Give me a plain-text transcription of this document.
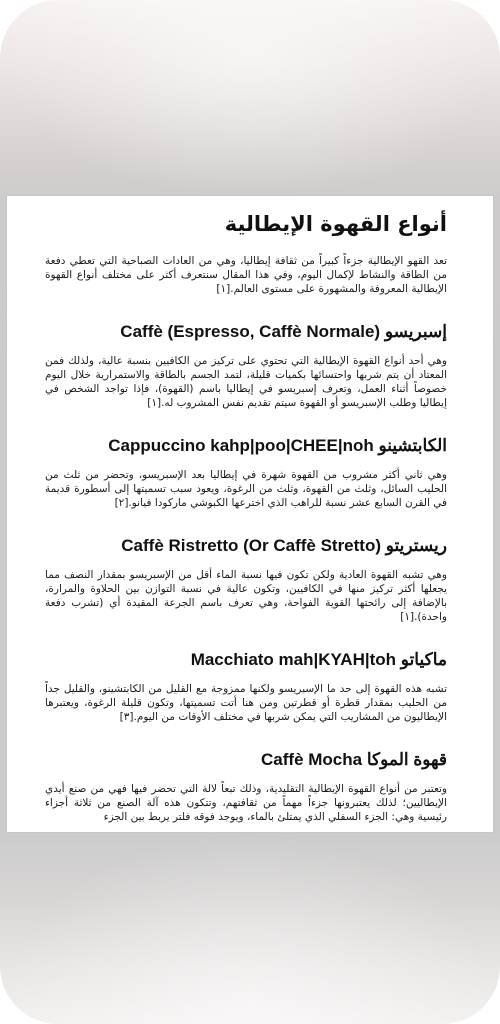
أنواع القهوة الإيطالية
تعد القهو الإيطالية جزءاً كبيراً من ثقافة إيطاليا، وهي من العادات الصباحية التي تعطي دفعة من الطاقة والنشاط لإكمال اليوم، وفي هذا المقال سنتعرف أكثر على مختلف أنواع القهوة الإيطالية المعروفة والمشهورة على مستوى العالم.[١]
إسبريسو Caffè (Espresso, Caffè Normale)
وهي أحد أنواع القهوة الإيطالية التي تحتوي على تركيز من الكافيين بنسبة عالية، ولذلك فمن المعتاد أن يتم شربها واحتسائها بكميات قليلة، لتمد الجسم بالطاقة والاستمرارية خلال اليوم خصوصاً أثناء العمل، وتعرف إسبريسو في إيطاليا باسم (القهوة)، فإذا تواجد الشخص في إيطاليا وطلب الإسبريسو أو القهوة سيتم تقديم نفس المشروب له.[١]
الكابتشينو Cappuccino kahp|poo|CHEE|noh
وهي ثاني أكثر مشروب من القهوة شهرة في إيطاليا بعد الإسبريسو، وتحضر من ثلث من الحليب السائل، وثلث من القهوة، وثلث من الرغوة، ويعود سبب تسميتها إلى أسطورة قديمة في القرن السابع عشر نسبة للراهب الذي اخترعها الكبوشي ماركودا فيانو.[٢]
ريستريتو Caffè Ristretto (Or Caffè Stretto)
وهي تشبه القهوة العادية ولكن تكون فيها نسبة الماء أقل من الإسبريسو بمقدار النصف مما يجعلها أكثر تركيز منها في الكافيين، وتكون عالية في نسبة التوازن بين الحلاوة والمرارة، بالإضافة إلى رائحتها القوية الفواحة، وهي تعرف باسم الجرعة المقيدة أي (تشرب دفعة واحدة).[١]
ماكياتو Macchiato mah|KYAH|toh
تشبه هذه القهوة إلى حد ما الإسبريسو ولكنها ممزوجة مع القليل من الكابتشينو، والقليل جداً من الحليب بمقدار قطرة أو قطرتين ومن هنا أتت تسميتها، وتكون قليلة الرغوة، ويعتبرها الإيطاليون من المشاريب التي يمكن شربها في مختلف الأوقات من اليوم.[٣]
قهوة الموكا Caffè Mocha
وتعتبر من أنواع القهوة الإيطالية التقليدية، وذلك تبعاً لالة التي تحضر فيها فهي من صنع أيدي الإيطاليين؛ لذلك يعتبرونها جزءاً مهماً من ثقافتهم، وتتكون هذه آلة الصنع من ثلاثة أجزاء رئيسية وهي: الجزء السفلي الذي يمتلئ بالماء، ويوجد فوقه فلتر يربط بين الجزء
